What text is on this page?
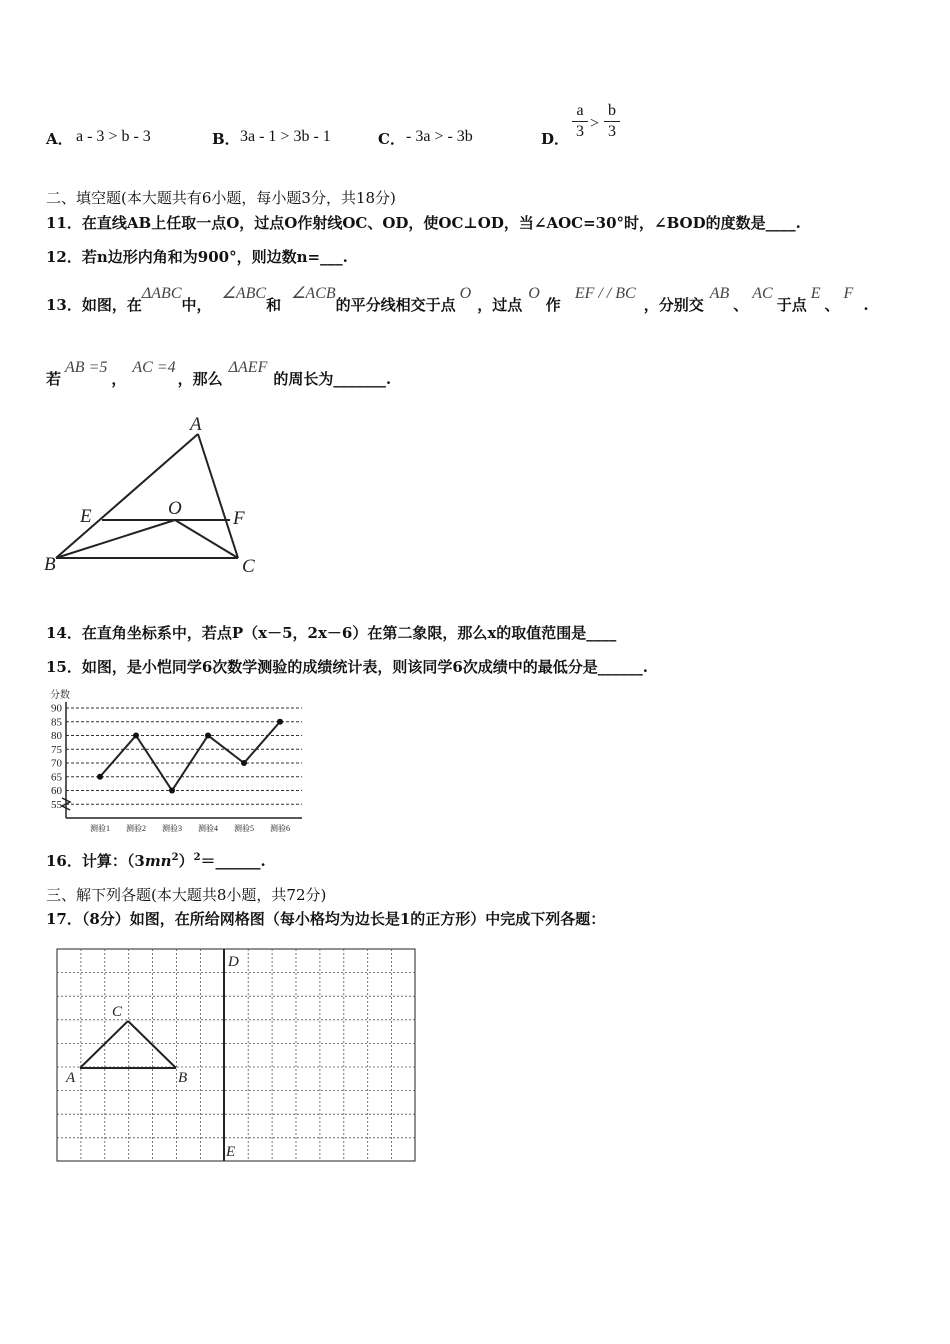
A． a - 3 > b - 3	B． 3a - 1 > 3b - 1	C． - 3a > - 3b	D．
a
3 >
b
3
二、填空题(本大题共有6小题，每小题3分，共18分)
11．在直线AB上任取一点O，过点O作射线OC、OD，使OC⊥OD，当∠AOC=30°时，∠BOD的度数是____.
12．若n边形内角和为900°，则边数n=___.
13．如图，在ΔABC中，∠ABC和∠ACB的平分线相交于点O，过点O作EF / / BC，分别交AB、AC于点E、F.
若AB =5，AC =4，那么ΔAEF的周长为_______.
A
B	C
E	F
O
14．在直角坐标系中，若点P（x－5，2x－6）在第二象限，那么x的取值范围是____
15．如图，是小恺同学6次数学测验的成绩统计表，则该同学6次成绩中的最低分是______.
分数
90
85
80
75
70
65
60
55
测验1 测验2 测验3 测验4 测验5 测验6
16．计算：$(3mn^2)^2=\_\_\_\_\_\_$.
三、解下列各题(本大题共8小题，共72分)
17．（8分）如图，在所给网格图（每小格均为边长是1的正方形）中完成下列各题：
A	B
C
D
E
